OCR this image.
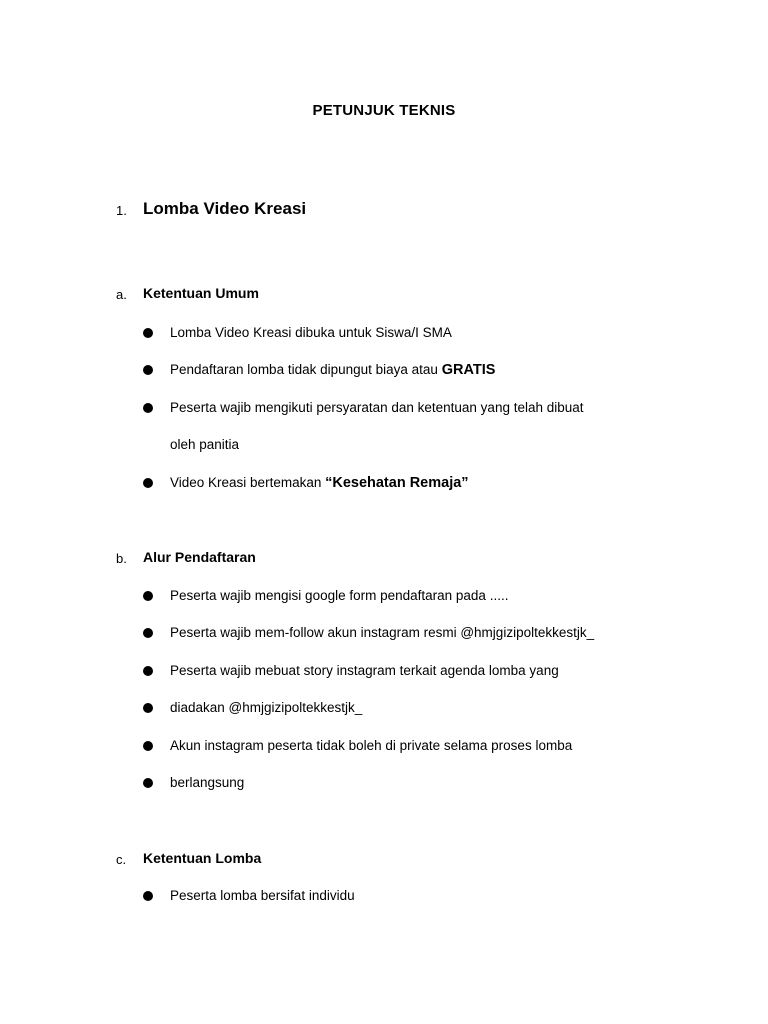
PETUNJUK TEKNIS
1. Lomba Video Kreasi
a. Ketentuan Umum
Lomba Video Kreasi dibuka untuk Siswa/I SMA
Pendaftaran lomba tidak dipungut biaya atau GRATIS
Peserta wajib mengikuti persyaratan dan ketentuan yang telah dibuat
oleh panitia
Video Kreasi bertemakan “Kesehatan Remaja”
b. Alur Pendaftaran
Peserta wajib mengisi google form pendaftaran pada .....
Peserta wajib mem-follow akun instagram resmi @hmjgizipoltekkestjk_
Peserta wajib mebuat story instagram terkait agenda lomba yang
diadakan @hmjgizipoltekkestjk_
Akun instagram peserta tidak boleh di private selama proses lomba
berlangsung
c. Ketentuan Lomba
Peserta lomba bersifat individu
